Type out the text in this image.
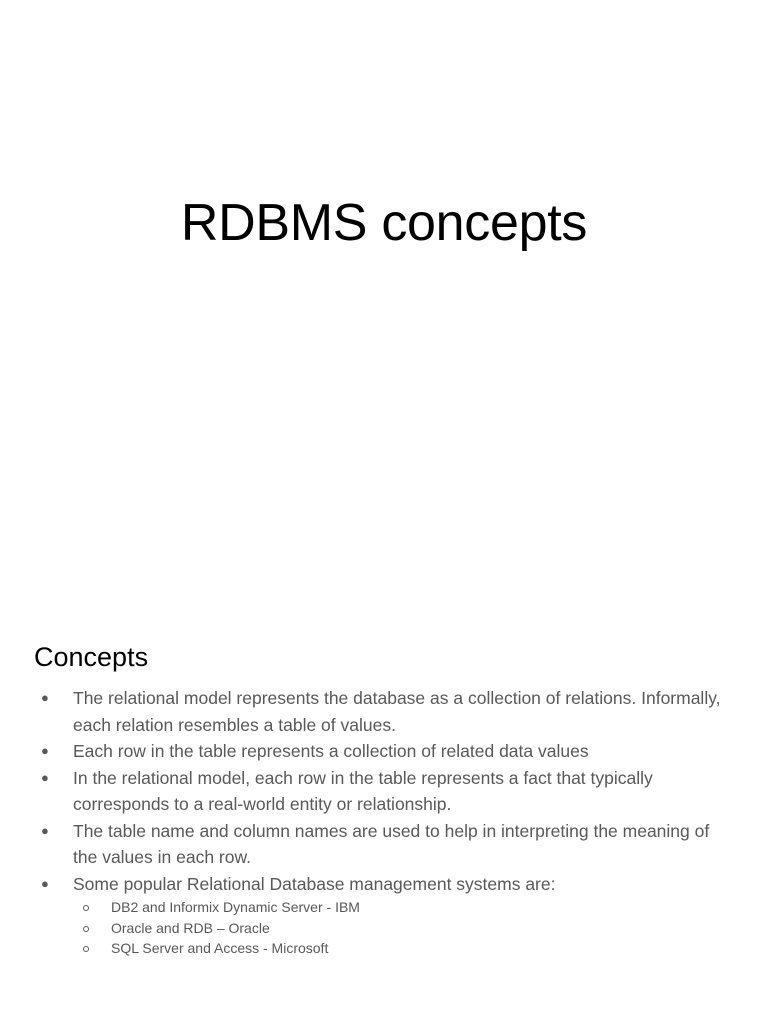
RDBMS concepts
Concepts
● The relational model represents the database as a collection of relations. Informally, each relation resembles a table of values.
● Each row in the table represents a collection of related data values
● In the relational model, each row in the table represents a fact that typically corresponds to a real-world entity or relationship.
● The table name and column names are used to help in interpreting the meaning of the values in each row.
● Some popular Relational Database management systems are:
DB2 and Informix Dynamic Server - IBM
Oracle and RDB – Oracle
SQL Server and Access - Microsoft
